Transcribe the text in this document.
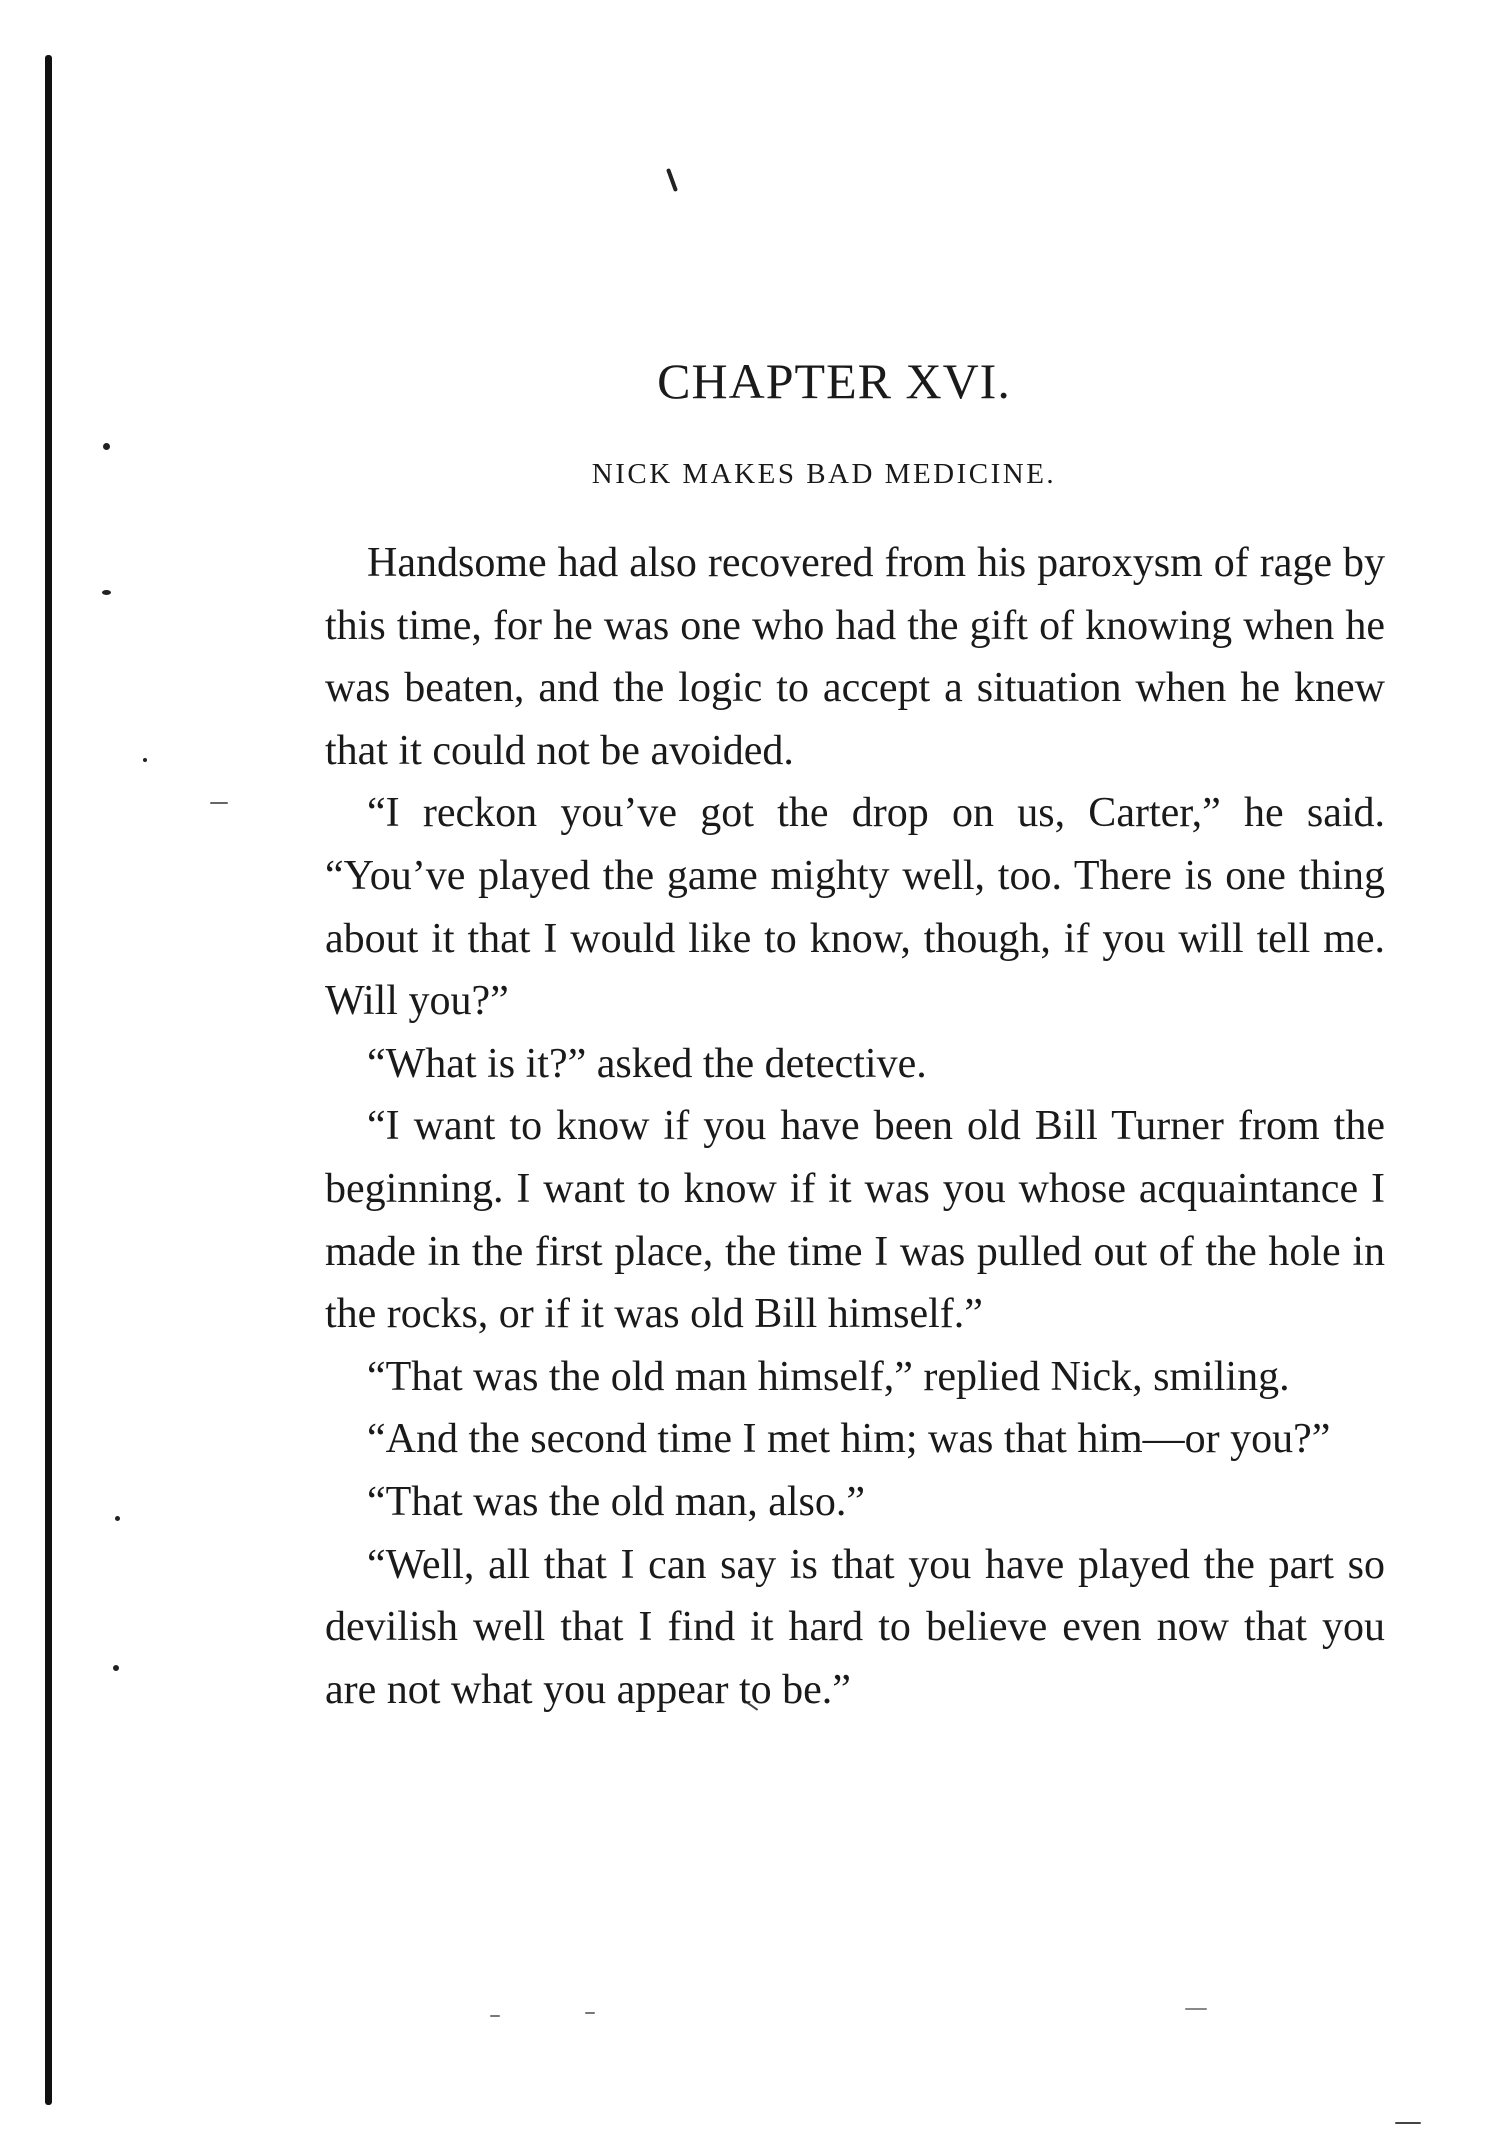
CHAPTER XVI.
NICK MAKES BAD MEDICINE.

Handsome had also recovered from his paroxysm of rage by this time, for he was one who had the gift of knowing when he was beaten, and the logic to accept a situation when he knew that it could not be avoided.

“I reckon you’ve got the drop on us, Carter,” he said. “You’ve played the game mighty well, too. There is one thing about it that I would like to know, though, if you will tell me. Will you?”

“What is it?” asked the detective.

“I want to know if you have been old Bill Turner from the beginning. I want to know if it was you whose acquaintance I made in the first place, the time I was pulled out of the hole in the rocks, or if it was old Bill himself.”

“That was the old man himself,” replied Nick, smiling.

“And the second time I met him; was that him—or you?”

“That was the old man, also.”

“Well, all that I can say is that you have played the part so devilish well that I find it hard to believe even now that you are not what you appear to be.”
